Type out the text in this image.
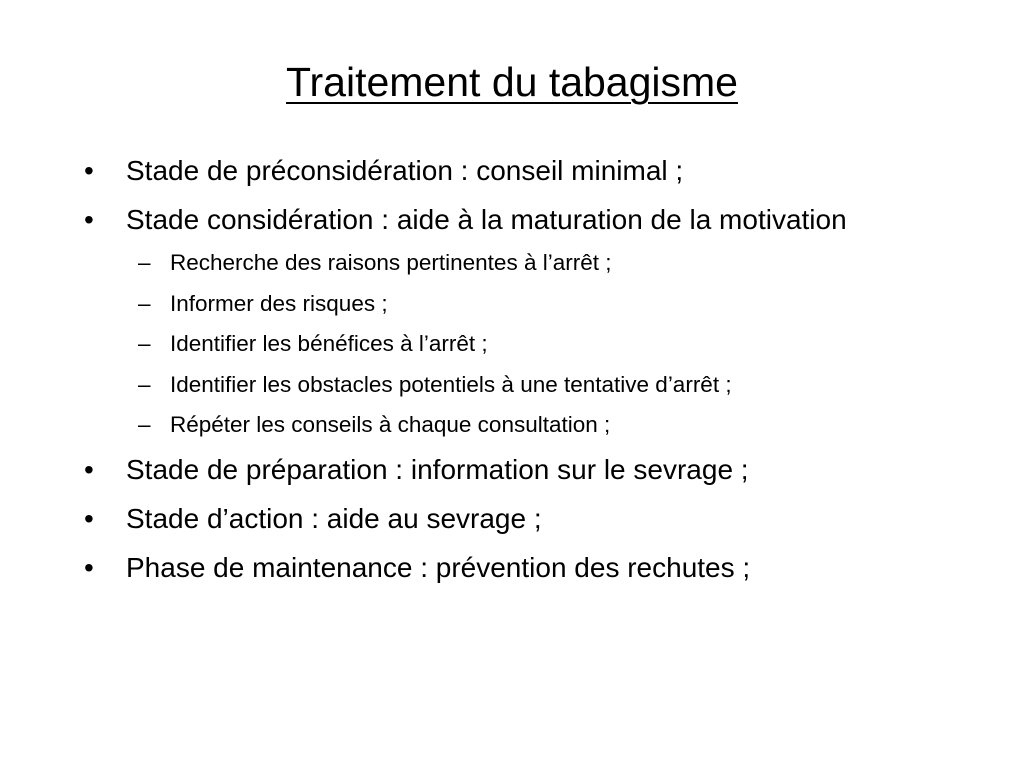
Traitement du tabagisme
•	Stade de préconsidération : conseil minimal ;
•	Stade considération : aide à la maturation de la motivation
– Recherche des raisons pertinentes à l’arrêt ;
– Informer des risques ;
– Identifier les bénéfices à l’arrêt ;
– Identifier les obstacles potentiels à une tentative d’arrêt ;
– Répéter les conseils à chaque consultation ;
•	Stade de préparation : information sur le sevrage ;
•	Stade d’action : aide au sevrage ;
•	Phase de maintenance : prévention des rechutes ;
